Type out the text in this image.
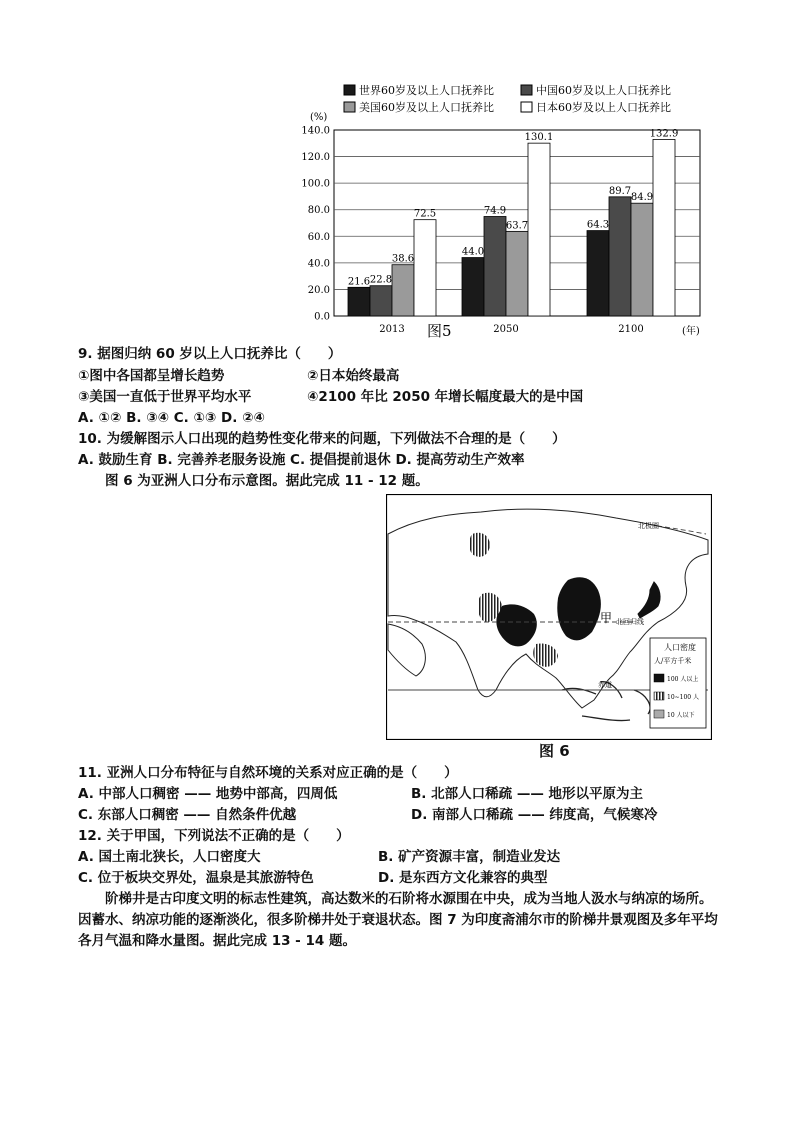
世界60岁及以上人口抚养比	中国60岁及以上人口抚养比
美国60岁及以上人口抚养比	日本60岁及以上人口抚养比
(%)
0.0
20.0
40.0
60.0
80.0
100.0
120.0
140.0
21.6 22.8
38.6
72.5
44.0
74.9
63.7
130.1
64.3
89.7
84.9
132.9
2013	2050	2100
图5	(年)
9. 据图归纳 60 岁以上人口抚养比（　　）
①图中各国都呈增长趋势	②日本始终最高
③美国一直低于世界平均水平	④2100 年比 2050 年增长幅度最大的是中国
A. ①② B. ③④ C. ①③ D. ②④
10. 为缓解图示人口出现的趋势性变化带来的问题，下列做法不合理的是（　　）
A. 鼓励生育 B. 完善养老服务设施 C. 提倡提前退休 D. 提高劳动生产效率
图 6 为亚洲人口分布示意图。据此完成 11 - 12 题。
甲 北回归线
赤道
北极圈
人口密度
人/平方千米
100 人以上
10~100 人
10 人以下
图 6
11. 亚洲人口分布特征与自然环境的关系对应正确的是（　　）
A. 中部人口稠密 —— 地势中部高，四周低	B. 北部人口稀疏 —— 地形以平原为主
C. 东部人口稠密 —— 自然条件优越	D. 南部人口稀疏 —— 纬度高，气候寒冷
12. 关于甲国，下列说法不正确的是（　　）
A. 国土南北狭长，人口密度大	B. 矿产资源丰富，制造业发达
C. 位于板块交界处，温泉是其旅游特色	D. 是东西方文化兼容的典型
阶梯井是古印度文明的标志性建筑，高达数米的石阶将水源围在中央，成为当地人汲水与纳凉的场所。因蓄水、纳凉功能的逐渐淡化，很多阶梯井处于衰退状态。图 7 为印度斋浦尔市的阶梯井景观图及多年平均各月气温和降水量图。据此完成 13 - 14 题。
